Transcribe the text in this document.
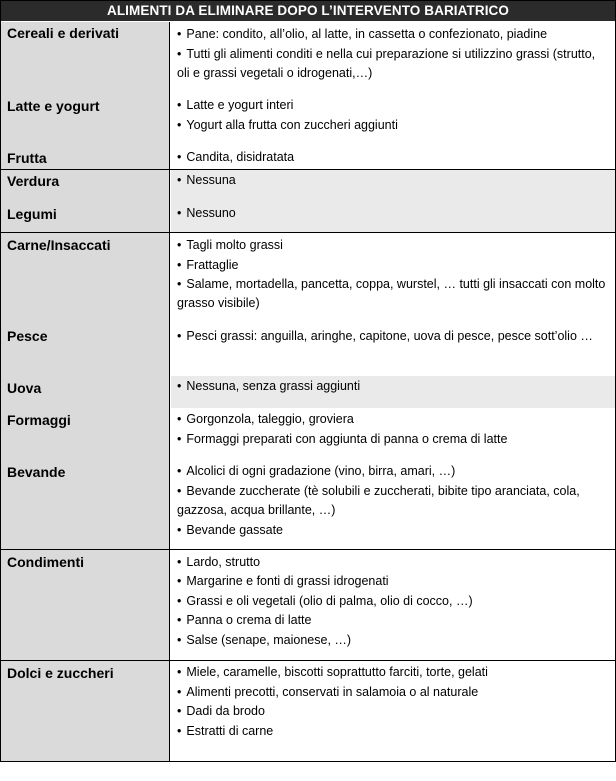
ALIMENTI DA ELIMINARE DOPO L’INTERVENTO BARIATRICO
Cereali e derivati	• Pane: condito, all’olio, al latte, in cassetta o confezionato, piadine
• Tutti gli alimenti conditi e nella cui preparazione si utilizzino grassi (strutto, oli e grassi vegetali o idrogenati,…)
Latte e yogurt	• Latte e yogurt interi
• Yogurt alla frutta con zuccheri aggiunti
Frutta	• Candita, disidratata
Verdura	• Nessuna
Legumi	• Nessuno
Carne/Insaccati	• Tagli molto grassi
• Frattaglie
• Salame, mortadella, pancetta, coppa, wurstel, … tutti gli insaccati con molto grasso visibile)
Pesce	• Pesci grassi: anguilla, aringhe, capitone, uova di pesce, pesce sott’olio …
Uova	• Nessuna, senza grassi aggiunti
Formaggi	• Gorgonzola, taleggio, groviera
• Formaggi preparati con aggiunta di panna o crema di latte
Bevande	• Alcolici di ogni gradazione (vino, birra, amari, …)
• Bevande zuccherate (tè solubili e zuccherati, bibite tipo aranciata, cola, gazzosa, acqua brillante, …)
• Bevande gassate
Condimenti	• Lardo, strutto
• Margarine e fonti di grassi idrogenati
• Grassi e oli vegetali (olio di palma, olio di cocco, …)
• Panna o crema di latte
• Salse (senape, maionese, …)
Dolci e zuccheri	• Miele, caramelle, biscotti soprattutto farciti, torte, gelati
• Alimenti precotti, conservati in salamoia o al naturale
• Dadi da brodo
• Estratti di carne
